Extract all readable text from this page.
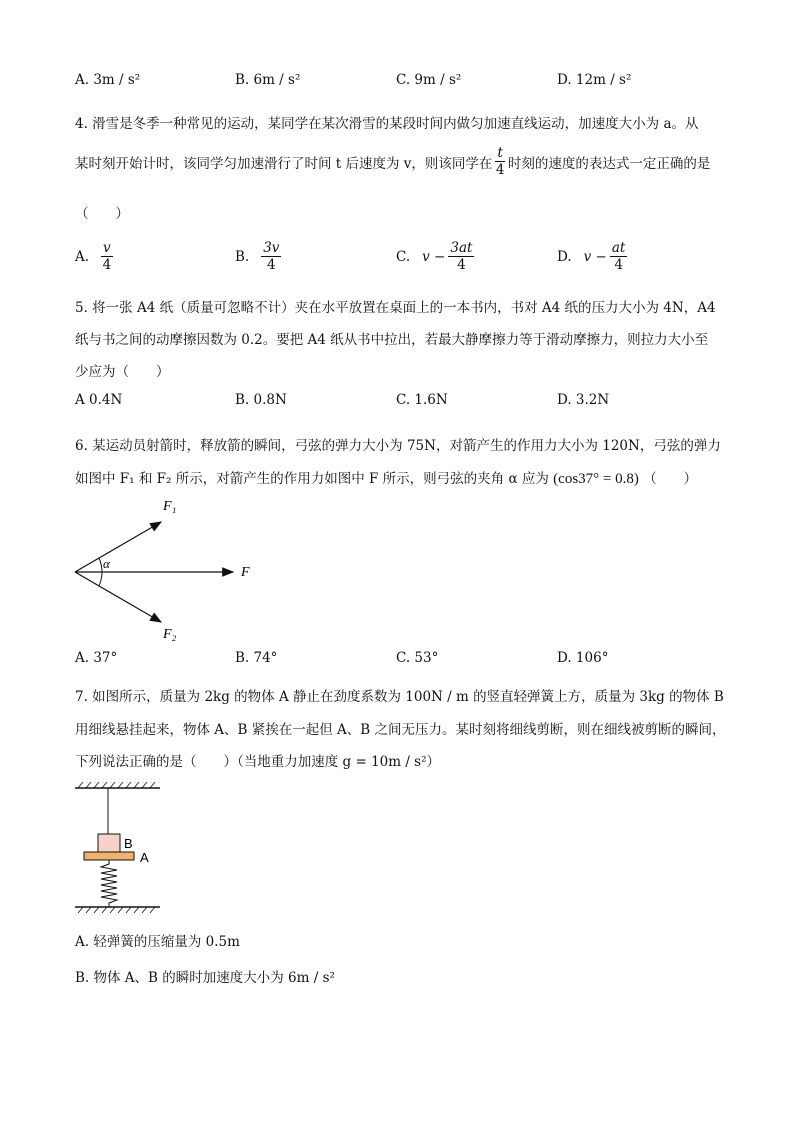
A. 3m / s²	B. 6m / s²	C. 9m / s²	D. 12m / s²
4. 滑雪是冬季一种常见的运动，某同学在某次滑雪的某段时间内做匀加速直线运动，加速度大小为 a。从
某时刻开始计时，该同学匀加速滑行了时间 t 后速度为 v，则该同学在 $\frac{t}{4}$ 时刻的速度的表达式一定正确的是
（　　）
A. $\frac{v}{4}$	B. $\frac{3v}{4}$	C. $v - \frac{3at}{4}$	D. $v - \frac{at}{4}$
5. 将一张 A4 纸（质量可忽略不计）夹在水平放置在桌面上的一本书内，书对 A4 纸的压力大小为 4N，A4
纸与书之间的动摩擦因数为 0.2。要把 A4 纸从书中拉出，若最大静摩擦力等于滑动摩擦力，则拉力大小至
少应为（　　）
A 0.4N	B. 0.8N	C. 1.6N	D. 3.2N
6. 某运动员射箭时，释放箭的瞬间，弓弦的弹力大小为 75N，对箭产生的作用力大小为 120N，弓弦的弹力
如图中 F₁ 和 F₂ 所示，对箭产生的作用力如图中 F 所示，则弓弦的夹角 α 应为 (cos37° = 0.8) （　　）
F₁
F
F₂
α
A. 37°	B. 74°	C. 53°	D. 106°
7. 如图所示，质量为 2kg 的物体 A 静止在劲度系数为 100N / m 的竖直轻弹簧上方，质量为 3kg 的物体 B
用细线悬挂起来，物体 A、B 紧挨在一起但 A、B 之间无压力。某时刻将细线剪断，则在细线被剪断的瞬间，
下列说法正确的是（　　）（当地重力加速度 g = 10m / s²）
B
A
A. 轻弹簧的压缩量为 0.5m
B. 物体 A、B 的瞬时加速度大小为 6m / s²
